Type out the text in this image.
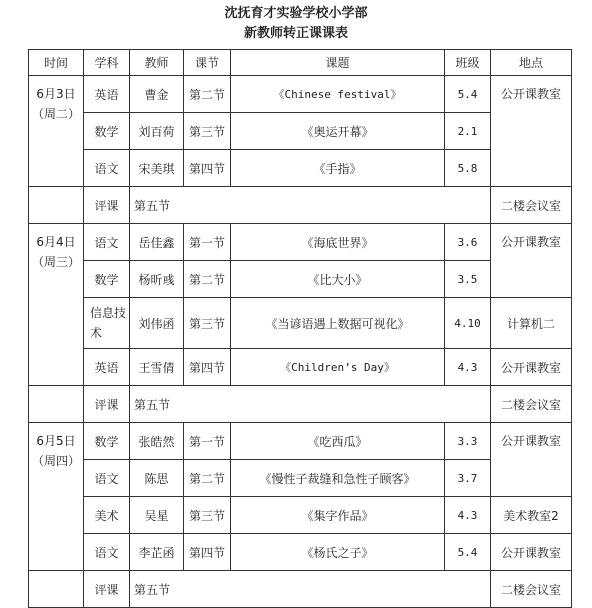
沈抚育才实验学校小学部
新教师转正课课表
时间	学科	教师	课节	课题	班级	地点

6月3日
（周二）	英语	曹金	第二节	《Chinese festival》	5.4	公开课教室
	数学	刘百荷	第三节	《奥运开幕》	2.1	
	语文	宋美琪	第四节	《手指》	5.8	
	评课	第五节				二楼会议室

6月4日
（周三）	语文	岳佳鑫	第一节	《海底世界》	3.6	公开课教室
	数学	杨昕彧	第二节	《比大小》	3.5	
	信息技术	刘伟函	第三节	《当谚语遇上数据可视化》	4.10	计算机二
	英语	王雪倩	第四节	《Children’s Day》	4.3	公开课教室
	评课	第五节				二楼会议室

6月5日
（周四）	数学	张皓然	第一节	《吃西瓜》	3.3	公开课教室
	语文	陈思	第二节	《慢性子裁缝和急性子顾客》	3.7	
	美术	吴星	第三节	《集字作品》	4.3	美术教室2
	语文	李芷函	第四节	《杨氏之子》	5.4	公开课教室
	评课	第五节				二楼会议室
